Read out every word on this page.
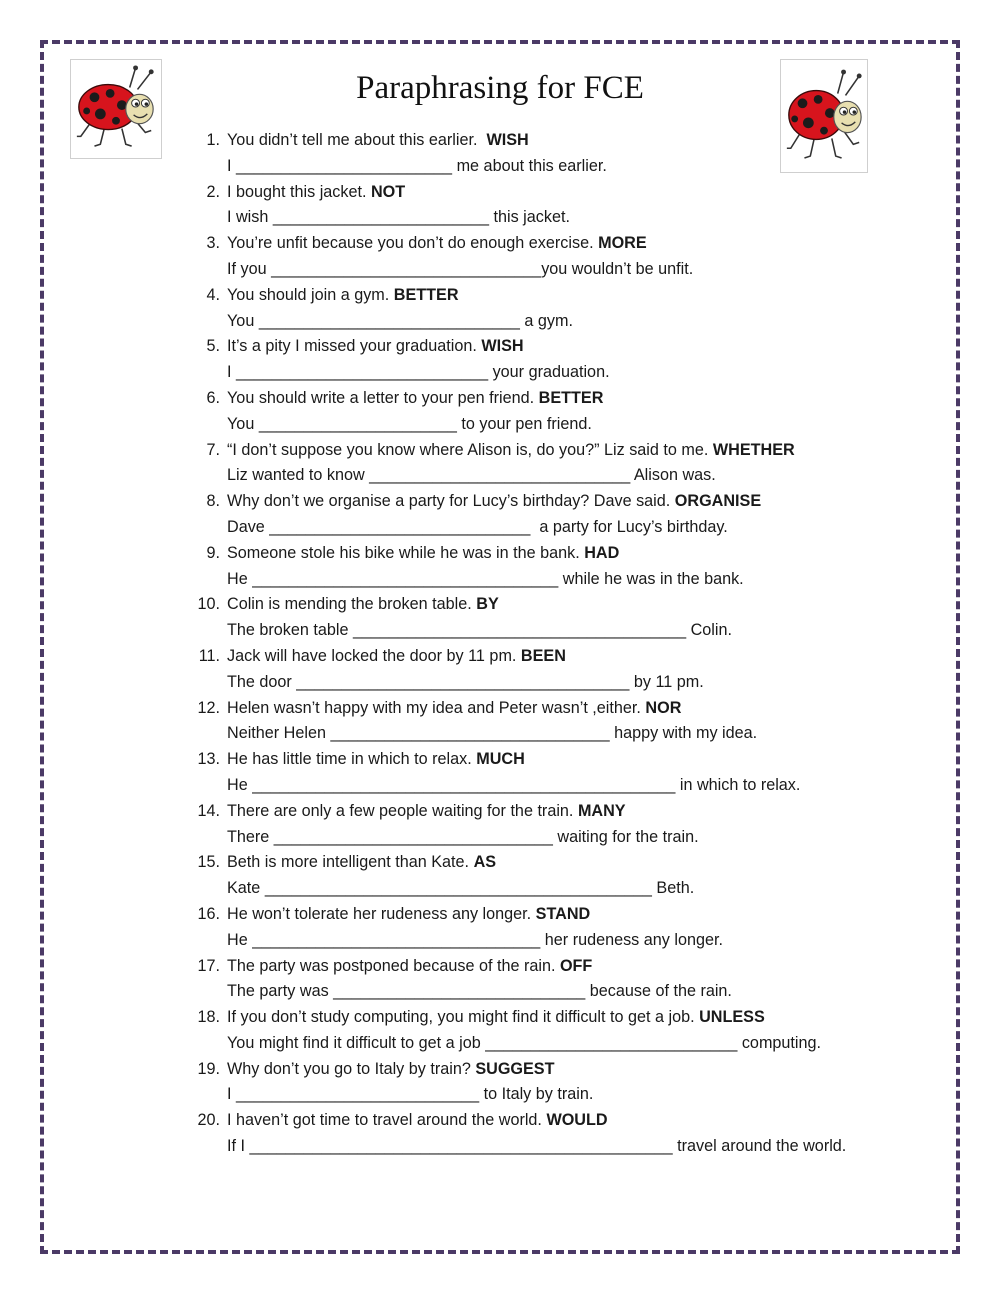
Paraphrasing for FCE
1. You didn’t tell me about this earlier.  WISH
I ________________________ me about this earlier.
2. I bought this jacket. NOT
I wish ________________________ this jacket.
3. You’re unfit because you don’t do enough exercise. MORE
If you ______________________________you wouldn’t be unfit.
4. You should join a gym. BETTER
You _____________________________ a gym.
5. It’s a pity I missed your graduation. WISH
I ____________________________ your graduation.
6. You should write a letter to your pen friend. BETTER
You ______________________ to your pen friend.
7. “I don’t suppose you know where Alison is, do you?” Liz said to me. WHETHER
Liz wanted to know _____________________________ Alison was.
8. Why don’t we organise a party for Lucy’s birthday? Dave said. ORGANISE
Dave _____________________________  a party for Lucy’s birthday.
9. Someone stole his bike while he was in the bank. HAD
He __________________________________ while he was in the bank.
10. Colin is mending the broken table. BY
The broken table _____________________________________ Colin.
11. Jack will have locked the door by 11 pm. BEEN
The door _____________________________________ by 11 pm.
12. Helen wasn’t happy with my idea and Peter wasn’t ,either. NOR
Neither Helen _______________________________ happy with my idea.
13. He has little time in which to relax. MUCH
He _______________________________________________ in which to relax.
14. There are only a few people waiting for the train. MANY
There _______________________________ waiting for the train.
15. Beth is more intelligent than Kate. AS
Kate ___________________________________________ Beth.
16. He won’t tolerate her rudeness any longer. STAND
He ________________________________ her rudeness any longer.
17. The party was postponed because of the rain. OFF
The party was ____________________________ because of the rain.
18. If you don’t study computing, you might find it difficult to get a job. UNLESS
You might find it difficult to get a job ____________________________ computing.
19. Why don’t you go to Italy by train? SUGGEST
I ___________________________ to Italy by train.
20. I haven’t got time to travel around the world. WOULD
If I _______________________________________________ travel around the world.
